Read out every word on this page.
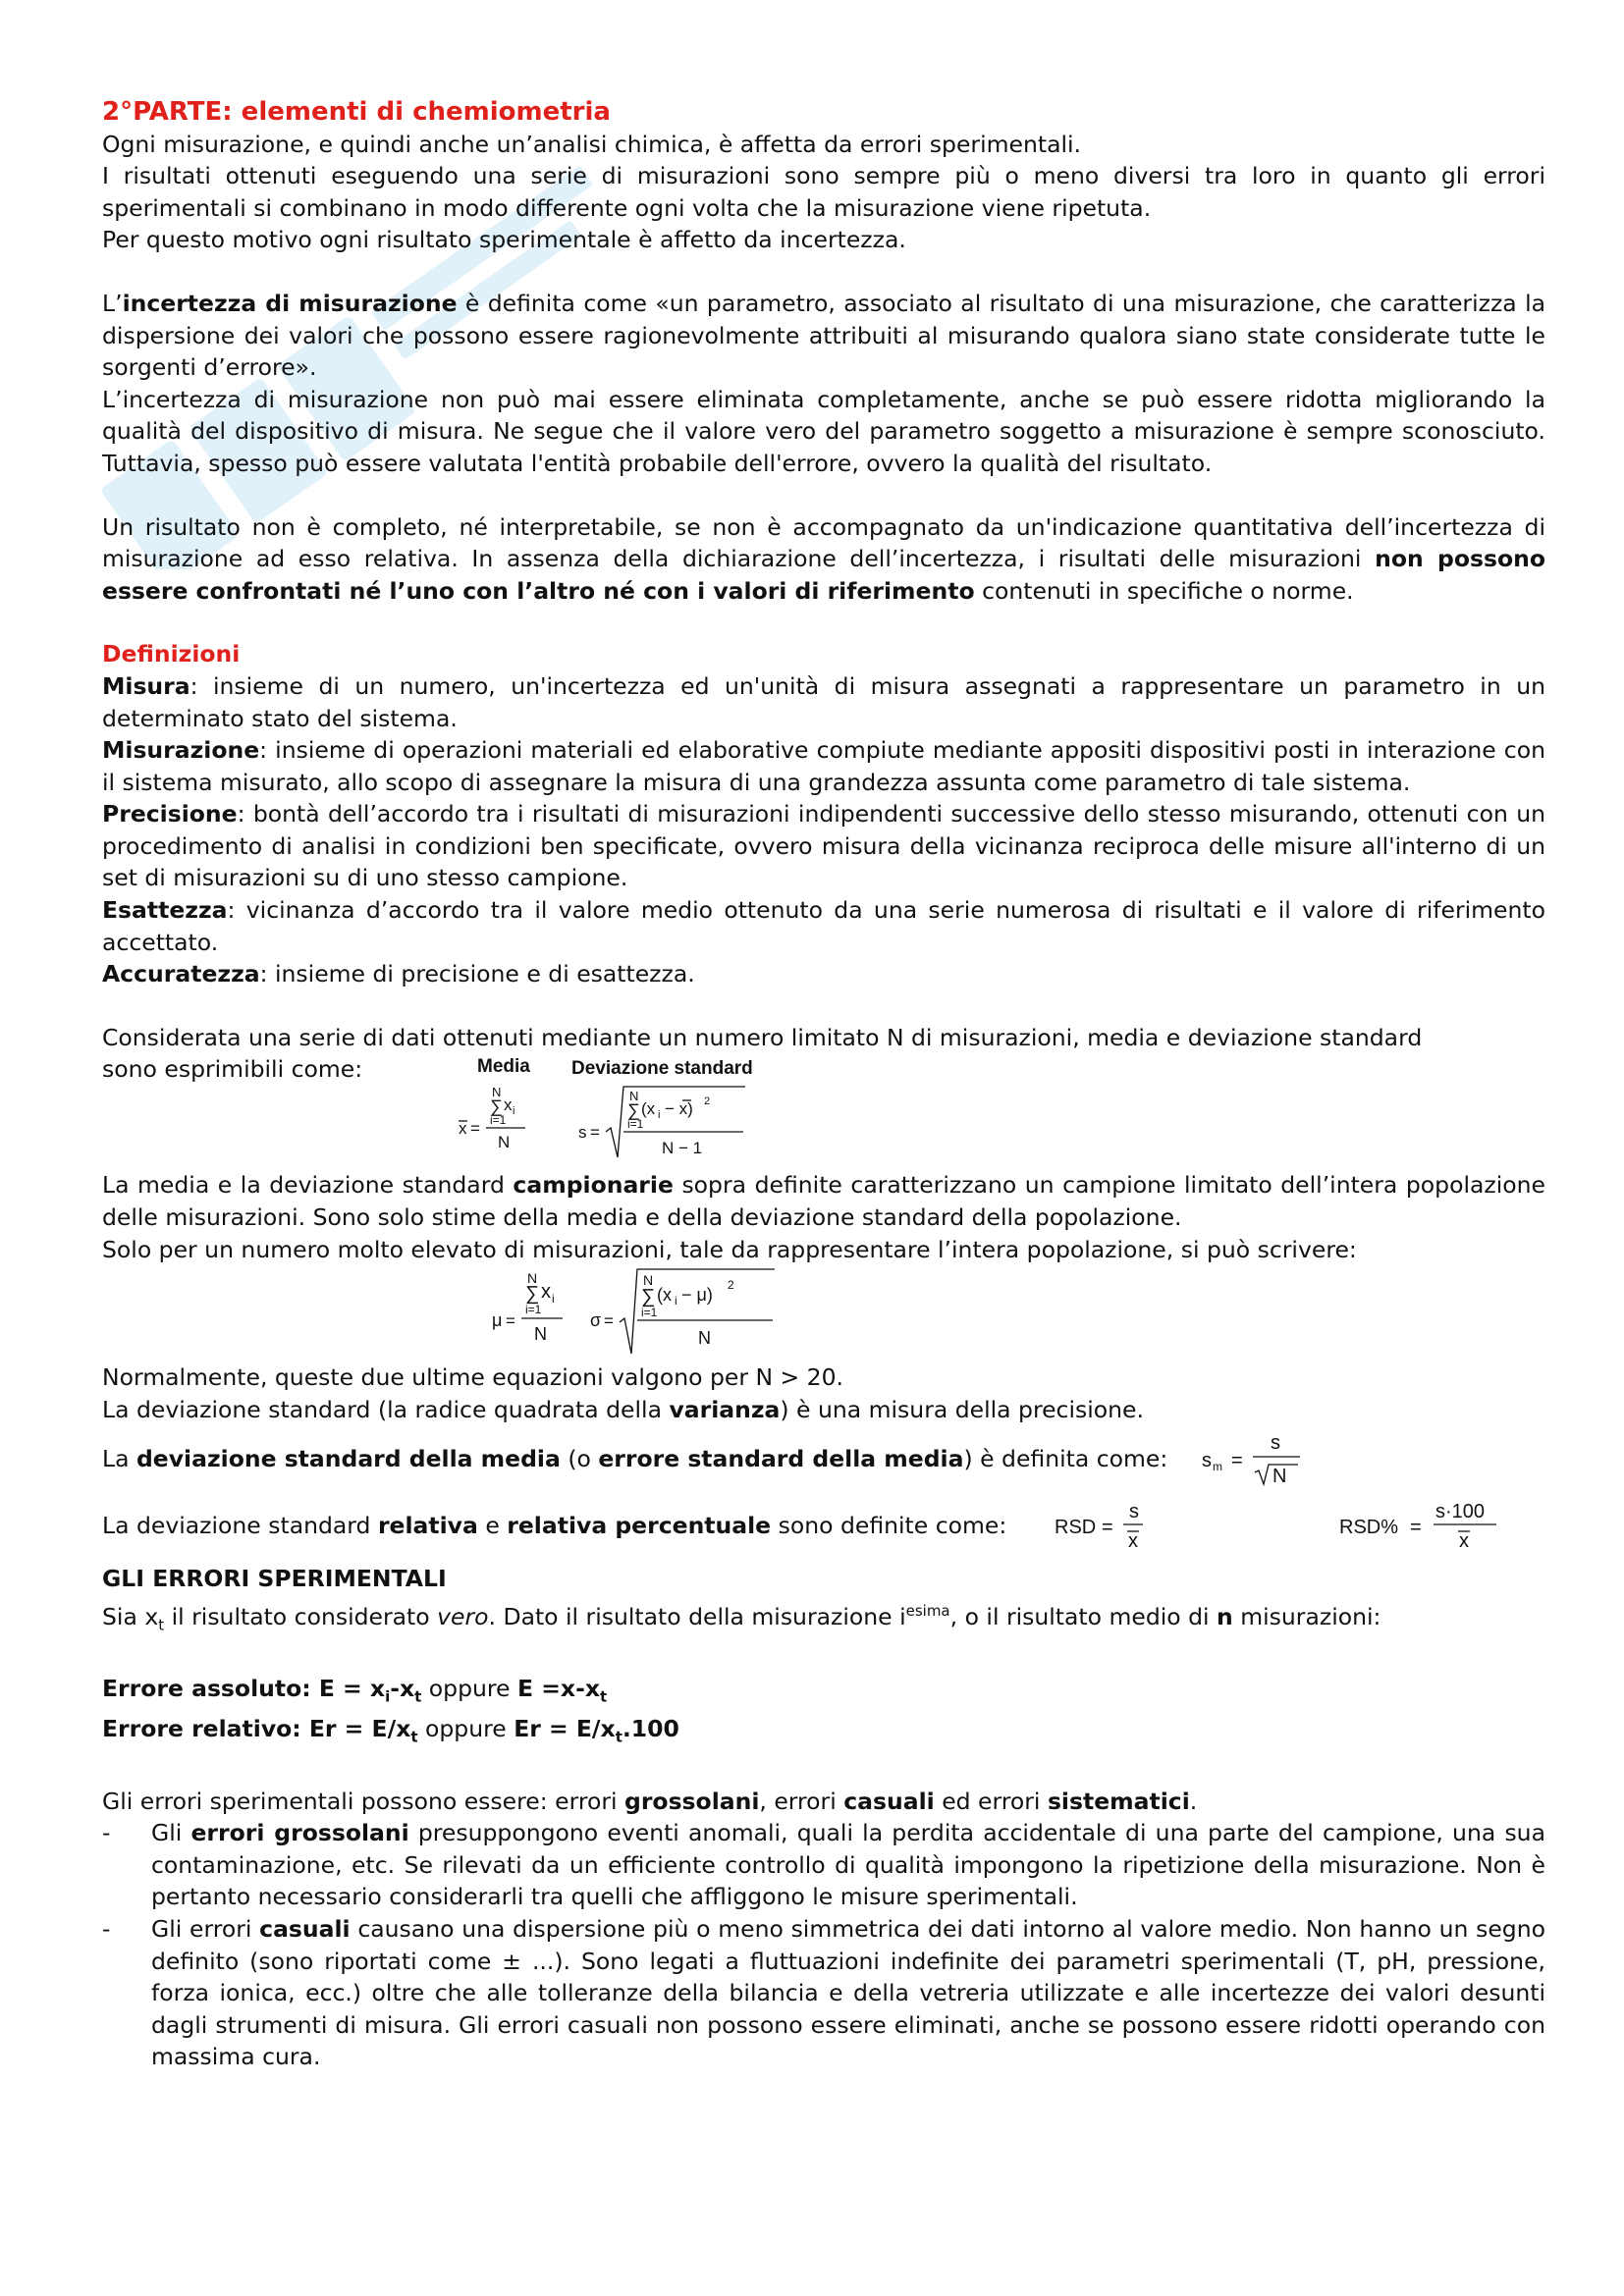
2°PARTE: elementi di chemiometria

Ogni misurazione, e quindi anche un’analisi chimica, è affetta da errori sperimentali.

I risultati ottenuti eseguendo una serie di misurazioni sono sempre più o meno diversi tra loro in quanto gli errori sperimentali si combinano in modo differente ogni volta che la misurazione viene ripetuta.

Per questo motivo ogni risultato sperimentale è affetto da incertezza.

L’incertezza di misurazione è definita come «un parametro, associato al risultato di una misurazione, che caratterizza la dispersione dei valori che possono essere ragionevolmente attribuiti al misurando qualora siano state considerate tutte le sorgenti d’errore».

L’incertezza di misurazione non può mai essere eliminata completamente, anche se può essere ridotta migliorando la qualità del dispositivo di misura. Ne segue che il valore vero del parametro soggetto a misurazione è sempre sconosciuto. Tuttavia, spesso può essere valutata l'entità probabile dell'errore, ovvero la qualità del risultato.

Un risultato non è completo, né interpretabile, se non è accompagnato da un'indicazione quantitativa dell’incertezza di misurazione ad esso relativa. In assenza della dichiarazione dell’incertezza, i risultati delle misurazioni non possono essere confrontati né l’uno con l’altro né con i valori di riferimento contenuti in specifiche o norme.

Definizioni

Misura: insieme di un numero, un'incertezza ed un'unità di misura assegnati a rappresentare un parametro in un determinato stato del sistema.

Misurazione: insieme di operazioni materiali ed elaborative compiute mediante appositi dispositivi posti in interazione con il sistema misurato, allo scopo di assegnare la misura di una grandezza assunta come parametro di tale sistema.

Precisione: bontà dell’accordo tra i risultati di misurazioni indipendenti successive dello stesso misurando, ottenuti con un procedimento di analisi in condizioni ben specificate, ovvero misura della vicinanza reciproca delle misure all'interno di un set di misurazioni su di uno stesso campione.

Esattezza: vicinanza d’accordo tra il valore medio ottenuto da una serie numerosa di risultati e il valore di riferimento accettato.

Accuratezza: insieme di precisione e di esattezza.

Considerata una serie di dati ottenuti mediante un numero limitato N di misurazioni, media e deviazione standard

sono esprimibili come:	Media Deviazione standard
x =
N
∑ x i
i=1
N
s =
N
∑ (x i − x) 2
i=1
N − 1

La media e la deviazione standard campionarie sopra definite caratterizzano un campione limitato dell’intera popolazione delle misurazioni. Sono solo stime della media e della deviazione standard della popolazione.

Solo per un numero molto elevato di misurazioni, tale da rappresentare l’intera popolazione, si può scrivere:

μ =
N
∑ x i
i=1
N
σ =
N
∑ (x i − μ) 2
i=1
N

Normalmente, queste due ultime equazioni valgono per N > 20.

La deviazione standard (la radice quadrata della varianza) è una misura della precisione.

La deviazione standard della media (o errore standard della media) è definita come: s m =
s
N

La deviazione standard relativa e relativa percentuale sono definite come: RSD =
s
x
RSD% =
s·100
x

GLI ERRORI SPERIMENTALI

Sia $x_t$ il risultato considerato vero. Dato il risultato della misurazione $i^{esima}$, o il risultato medio di n misurazioni:

Errore assoluto: $E = x_i-x_t$ oppure $E =x-x_t$

Errore relativo: $Er = E/x_t$ oppure $Er = E/x_t.100$

Gli errori sperimentali possono essere: errori grossolani, errori casuali ed errori sistematici.

-	Gli errori grossolani presuppongono eventi anomali, quali la perdita accidentale di una parte del campione, una sua contaminazione, etc. Se rilevati da un efficiente controllo di qualità impongono la ripetizione della misurazione. Non è pertanto necessario considerarli tra quelli che affliggono le misure sperimentali.

-	Gli errori casuali causano una dispersione più o meno simmetrica dei dati intorno al valore medio. Non hanno un segno definito (sono riportati come ± ...). Sono legati a fluttuazioni indefinite dei parametri sperimentali (T, pH, pressione, forza ionica, ecc.) oltre che alle tolleranze della bilancia e della vetreria utilizzate e alle incertezze dei valori desunti dagli strumenti di misura. Gli errori casuali non possono essere eliminati, anche se possono essere ridotti operando con massima cura.
